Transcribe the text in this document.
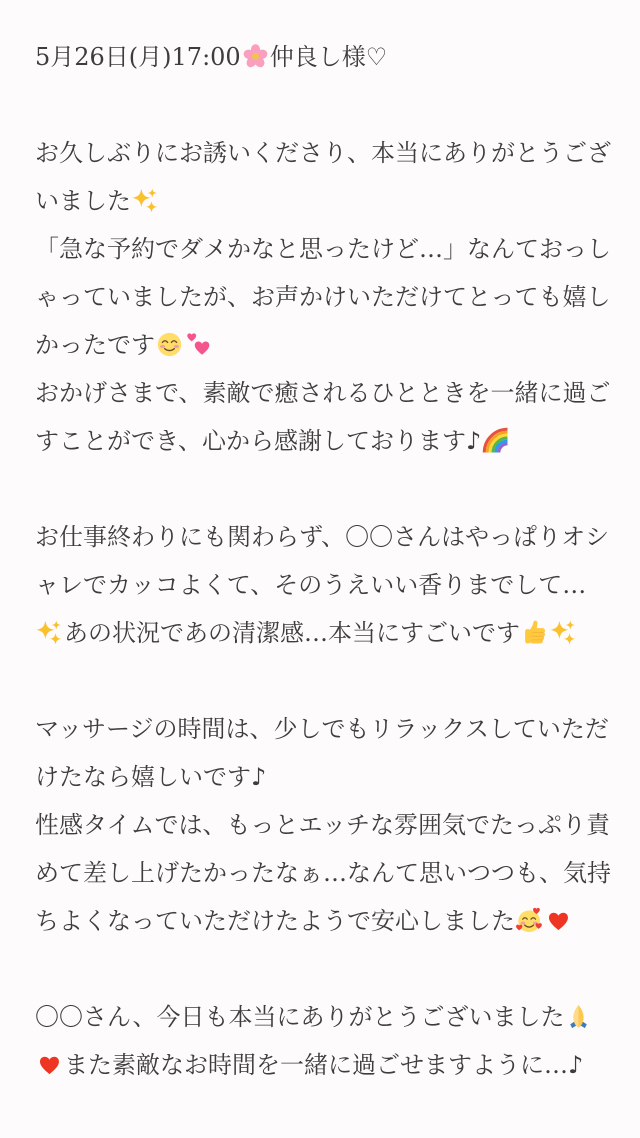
5月26日(月)17:00 仲良し様♡
お久しぶりにお誘いくださり、本当にありがとうござ
いました

「急な予約でダメかなと思ったけど…」なんておっし
ゃっていましたが、お声かけいただけてとっても嬉し
かったです

おかげさまで、素敵で癒されるひとときを一緒に過ご
すことができ、心から感謝しております♪
お仕事終わりにも関わらず、〇〇さんはやっぱりオシ
ャレでカッコよくて、そのうえいい香りまでして…

あの状況であの清潔感…本当にすごいです
マッサージの時間は、少しでもリラックスしていただ
けたなら嬉しいです♪
性感タイムでは、もっとエッチな雰囲気でたっぷり責
めて差し上げたかったなぁ…なんて思いつつも、気持
ちよくなっていただけたようで安心しました
〇〇さん、今日も本当にありがとうございました

また素敵なお時間を一緒に過ごせますように…♪
